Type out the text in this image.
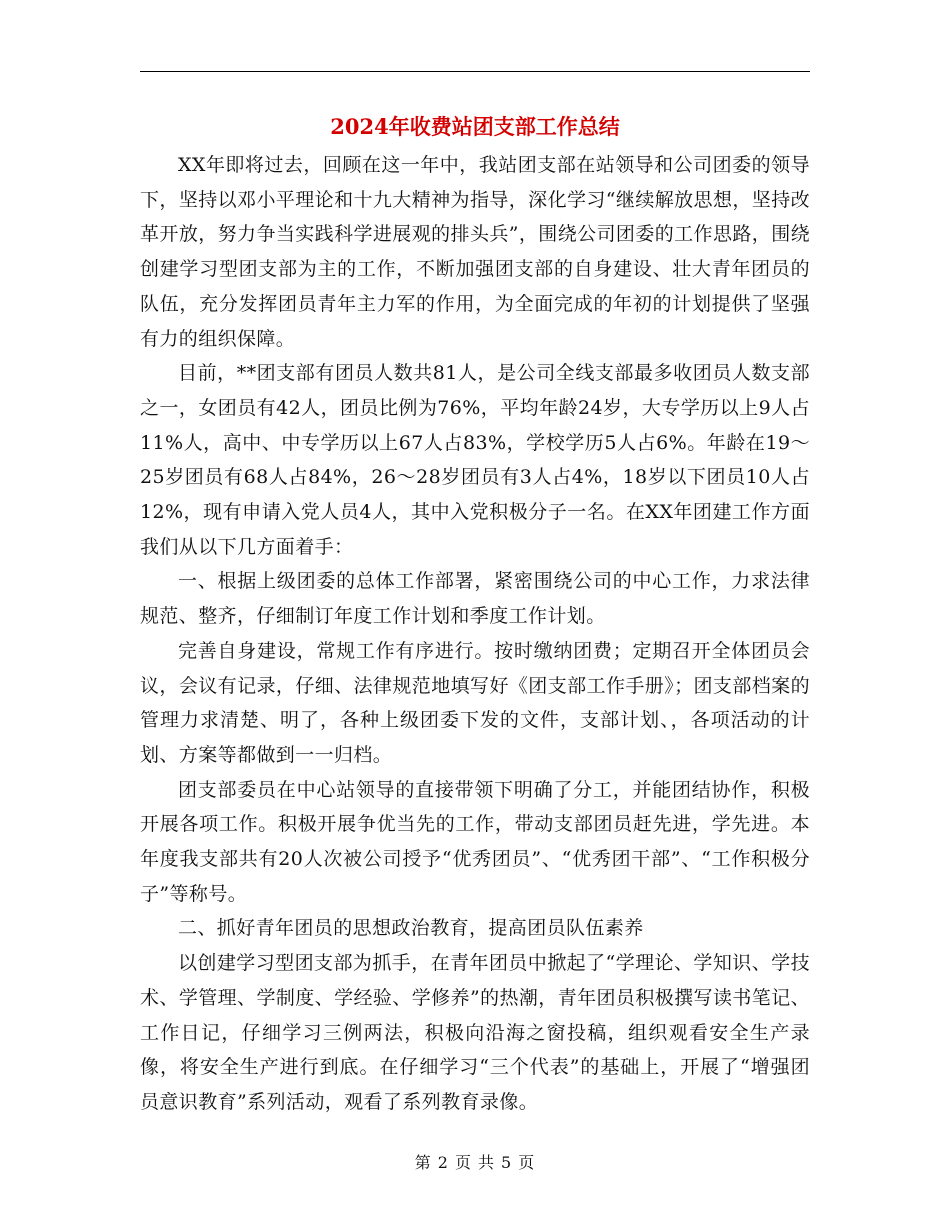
2024年收费站团支部工作总结

XX年即将过去，回顾在这一年中，我站团支部在站领导和公司团委的领导下，坚持以邓小平理论和十九大精神为指导，深化学习“继续解放思想，坚持改革开放，努力争当实践科学进展观的排头兵”，围绕公司团委的工作思路，围绕创建学习型团支部为主的工作，不断加强团支部的自身建设、壮大青年团员的队伍，充分发挥团员青年主力军的作用，为全面完成的年初的计划提供了坚强有力的组织保障。

目前，**团支部有团员人数共81人，是公司全线支部最多收团员人数支部之一，女团员有42人，团员比例为76%，平均年龄24岁，大专学历以上9人占11%人，高中、中专学历以上67人占83%，学校学历5人占6%。年龄在19～25岁团员有68人占84%，26～28岁团员有3人占4%，18岁以下团员10人占12%，现有申请入党人员4人，其中入党积极分子一名。在XX年团建工作方面我们从以下几方面着手：

一、根据上级团委的总体工作部署，紧密围绕公司的中心工作，力求法律规范、整齐，仔细制订年度工作计划和季度工作计划。

完善自身建设，常规工作有序进行。按时缴纳团费；定期召开全体团员会议，会议有记录，仔细、法律规范地填写好《团支部工作手册》；团支部档案的管理力求清楚、明了，各种上级团委下发的文件，支部计划、，各项活动的计划、方案等都做到一一归档。

团支部委员在中心站领导的直接带领下明确了分工，并能团结协作，积极开展各项工作。积极开展争优当先的工作，带动支部团员赶先进，学先进。本年度我支部共有20人次被公司授予“优秀团员”、“优秀团干部”、“工作积极分子”等称号。

二、抓好青年团员的思想政治教育，提高团员队伍素养

以创建学习型团支部为抓手，在青年团员中掀起了“学理论、学知识、学技术、学管理、学制度、学经验、学修养”的热潮，青年团员积极撰写读书笔记、工作日记，仔细学习三例两法，积极向沿海之窗投稿，组织观看安全生产录像，将安全生产进行到底。在仔细学习“三个代表”的基础上，开展了“增强团员意识教育”系列活动，观看了系列教育录像。

第 2 页 共 5 页
